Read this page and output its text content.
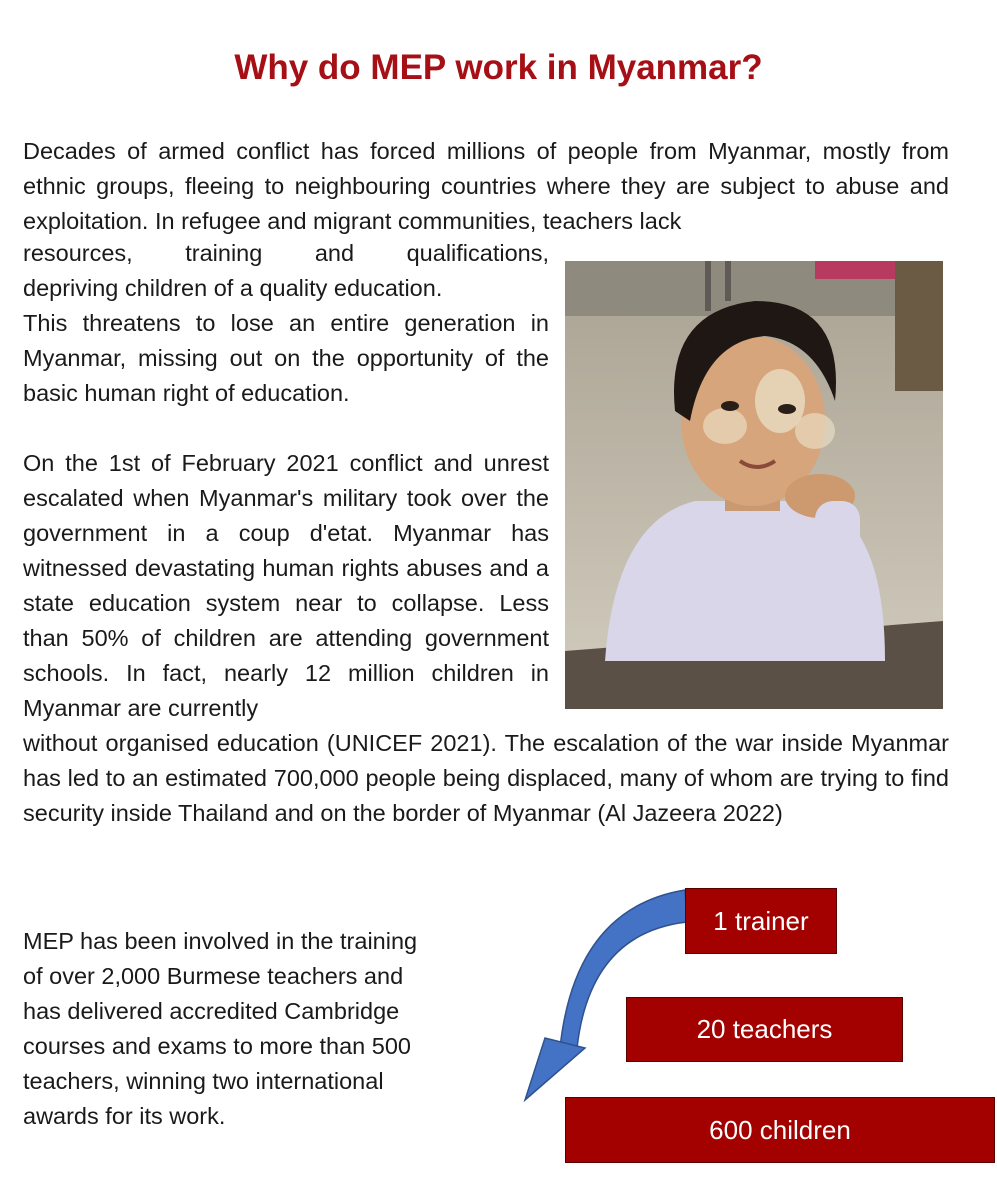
Why do MEP work in Myanmar?

Decades of armed conflict has forced millions of people from Myanmar, mostly from ethnic groups, fleeing to neighbouring countries where they are subject to abuse and exploitation. In refugee and migrant communities, teachers lack

resources, training and qualifications,

depriving children of a quality education.

This threatens to lose an entire generation in Myanmar, missing out on the opportunity of the basic human right of education.

On the 1st of February 2021 conflict and unrest escalated when Myanmar's military took over the government in a coup d'etat. Myanmar has witnessed devastating human rights abuses and a state education system near to collapse. Less than 50% of children are attending government schools. In fact, nearly 12 million children in Myanmar are currently

without organised education (UNICEF 2021). The escalation of the war inside Myanmar has led to an estimated 700,000 people being displaced, many of whom are trying to find security inside Thailand and on the border of Myanmar (Al Jazeera 2022)

MEP has been involved in the training of over 2,000 Burmese teachers and has delivered accredited Cambridge courses and exams to more than 500 teachers, winning two international awards for its work.

1 trainer
20 teachers
600 children
